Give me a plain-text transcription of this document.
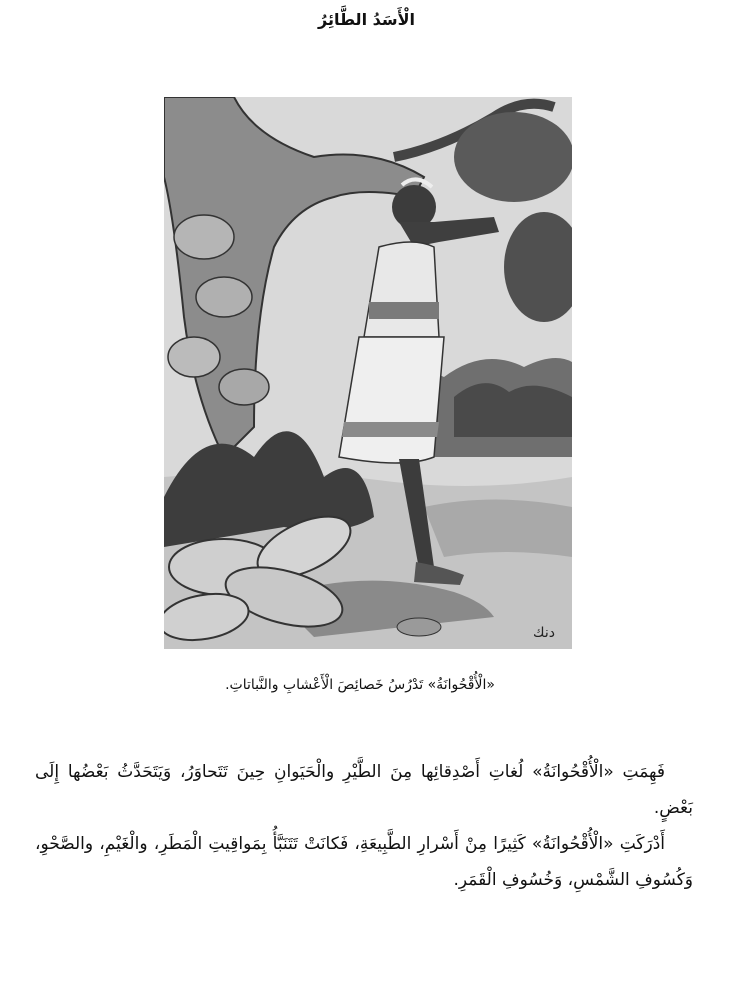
الْأَسَدُ الطَّائِرُ
دنك
«الْأُقْحُوانَةُ» تَدْرُسُ خَصائِصَ الْأَعْشابِ والنَّباتاتِ.

فَهِمَتِ «الْأُقْحُوانَةُ» لُغاتِ أَصْدِقائِها مِنَ الطَّيْرِ والْحَيَوانِ حِينَ تَتَحاوَرُ، وَيَتَحَدَّثُ بَعْضُها إِلَى بَعْضٍ.

أَدْرَكَتِ «الْأُقْحُوانَةُ» كَثِيرًا مِنْ أَسْرارِ الطَّبِيعَةِ، فَكانَتْ تَتَنَبَّأُ بِمَواقِيتِ الْمَطَرِ، والْغَيْمِ، والصَّحْوِ، وَكُسُوفِ الشَّمْسِ، وَخُسُوفِ الْقَمَرِ.
